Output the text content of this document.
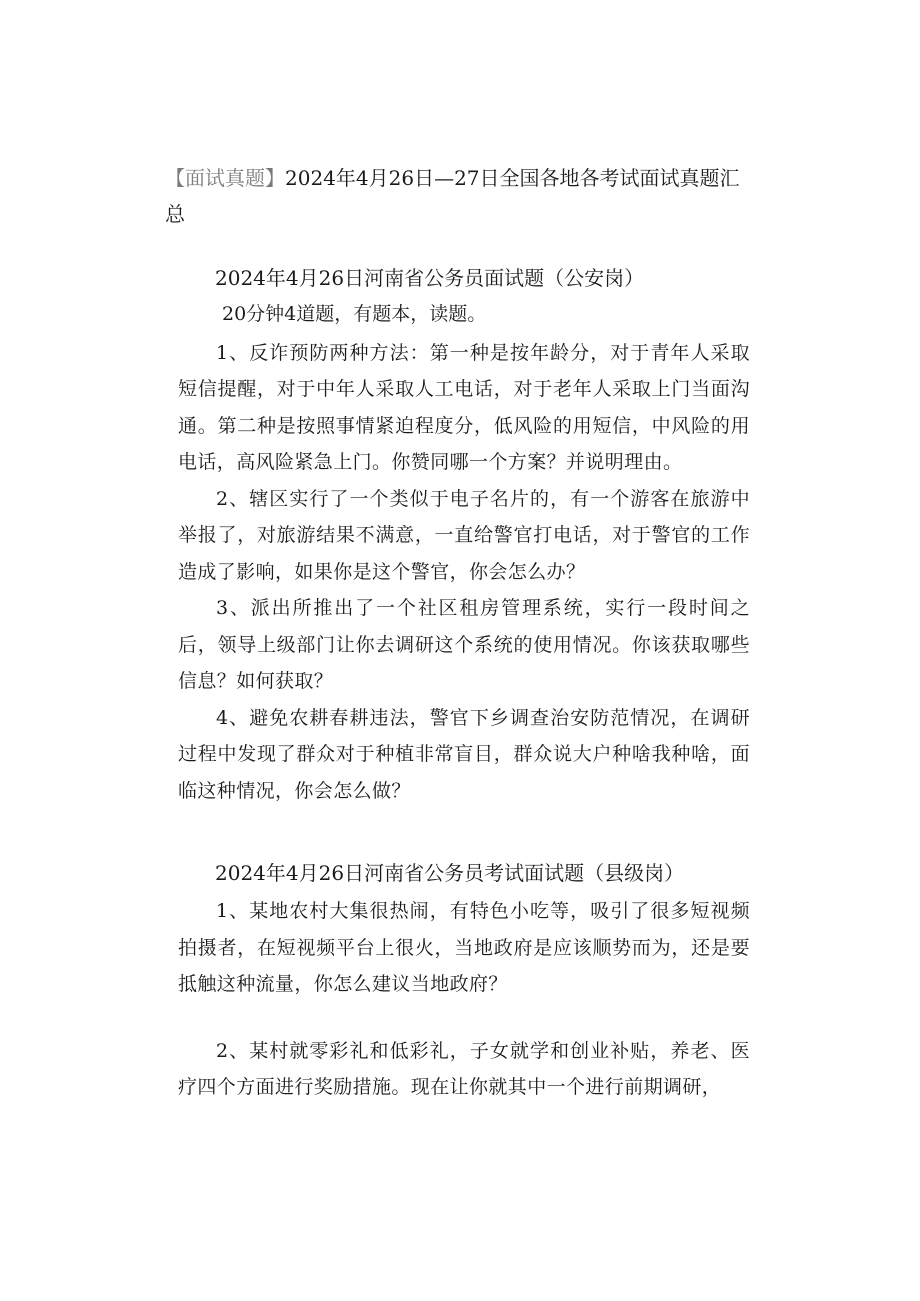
【面试真题】2024年4月26日—27日全国各地各考试面试真题汇总
2024年4月26日河南省公务员面试题（公安岗）

20分钟4道题，有题本，读题。

1、反诈预防两种方法：第一种是按年龄分，对于青年人采取短信提醒，对于中年人采取人工电话，对于老年人采取上门当面沟通。第二种是按照事情紧迫程度分，低风险的用短信，中风险的用电话，高风险紧急上门。你赞同哪一个方案？并说明理由。

2、辖区实行了一个类似于电子名片的，有一个游客在旅游中举报了，对旅游结果不满意，一直给警官打电话，对于警官的工作造成了影响，如果你是这个警官，你会怎么办？

3、派出所推出了一个社区租房管理系统，实行一段时间之后，领导上级部门让你去调研这个系统的使用情况。你该获取哪些信息？如何获取？

4、避免农耕春耕违法，警官下乡调查治安防范情况，在调研过程中发现了群众对于种植非常盲目，群众说大户种啥我种啥，面临这种情况，你会怎么做？

2024年4月26日河南省公务员考试面试题（县级岗）

1、某地农村大集很热闹，有特色小吃等，吸引了很多短视频拍摄者，在短视频平台上很火，当地政府是应该顺势而为，还是要抵触这种流量，你怎么建议当地政府？

2、某村就零彩礼和低彩礼，子女就学和创业补贴，养老、医疗四个方面进行奖励措施。现在让你就其中一个进行前期调研，
